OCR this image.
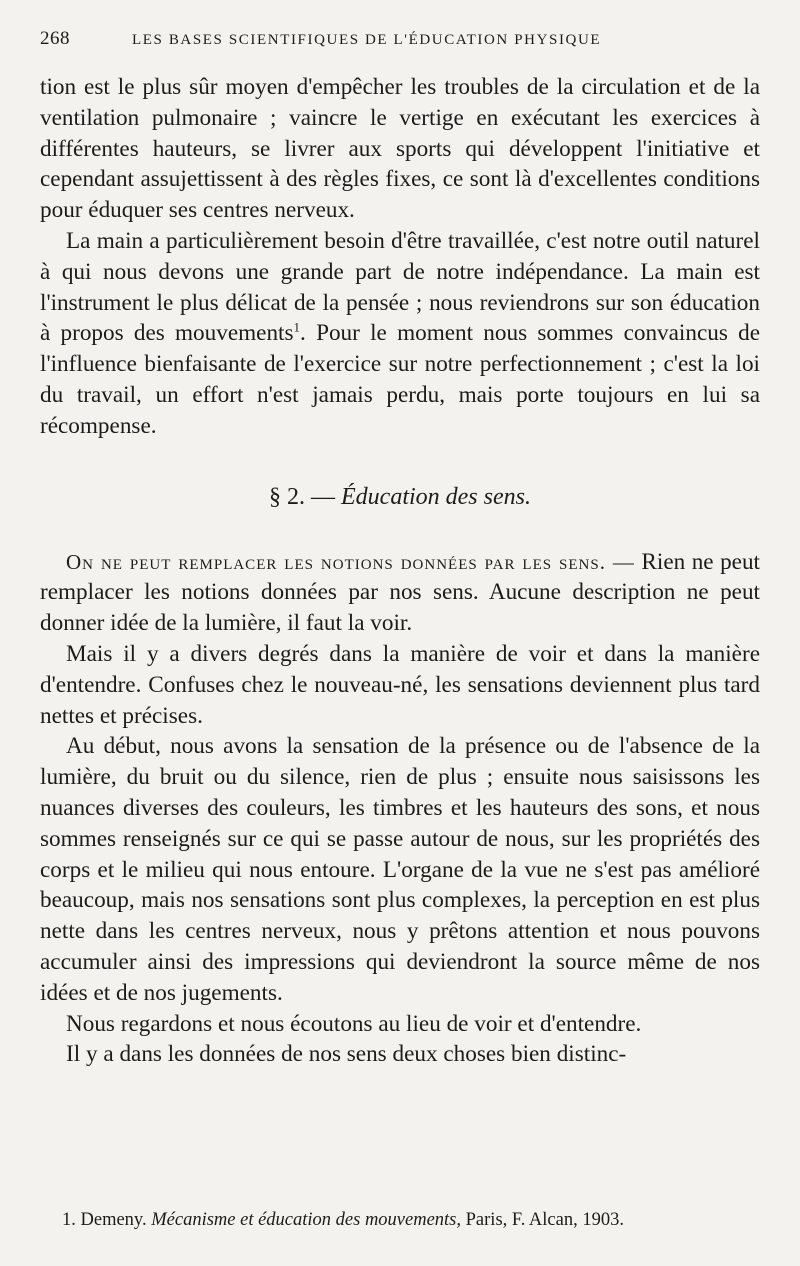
268	LES BASES SCIENTIFIQUES DE L'ÉDUCATION PHYSIQUE

tion est le plus sûr moyen d'empêcher les troubles de la circulation et de la ventilation pulmonaire ; vaincre le vertige en exécutant les exercices à différentes hauteurs, se livrer aux sports qui développent l'initiative et cependant assujettissent à des règles fixes, ce sont là d'excellentes conditions pour éduquer ses centres nerveux.

La main a particulièrement besoin d'être travaillée, c'est notre outil naturel à qui nous devons une grande part de notre indépendance. La main est l'instrument le plus délicat de la pensée ; nous reviendrons sur son éducation à propos des mouvements$^1$. Pour le moment nous sommes convaincus de l'influence bienfaisante de l'exercice sur notre perfectionnement ; c'est la loi du travail, un effort n'est jamais perdu, mais porte toujours en lui sa récompense.

§ 2. — Éducation des sens.

On ne peut remplacer les notions données par les sens. — Rien ne peut remplacer les notions données par nos sens. Aucune description ne peut donner idée de la lumière, il faut la voir.

Mais il y a divers degrés dans la manière de voir et dans la manière d'entendre. Confuses chez le nouveau-né, les sensations deviennent plus tard nettes et précises.

Au début, nous avons la sensation de la présence ou de l'absence de la lumière, du bruit ou du silence, rien de plus ; ensuite nous saisissons les nuances diverses des couleurs, les timbres et les hauteurs des sons, et nous sommes renseignés sur ce qui se passe autour de nous, sur les propriétés des corps et le milieu qui nous entoure. L'organe de la vue ne s'est pas amélioré beaucoup, mais nos sensations sont plus complexes, la perception en est plus nette dans les centres nerveux, nous y prêtons attention et nous pouvons accumuler ainsi des impressions qui deviendront la source même de nos idées et de nos jugements.

Nous regardons et nous écoutons au lieu de voir et d'entendre.

Il y a dans les données de nos sens deux choses bien distinc-

1. Demeny. Mécanisme et éducation des mouvements, Paris, F. Alcan, 1903.
